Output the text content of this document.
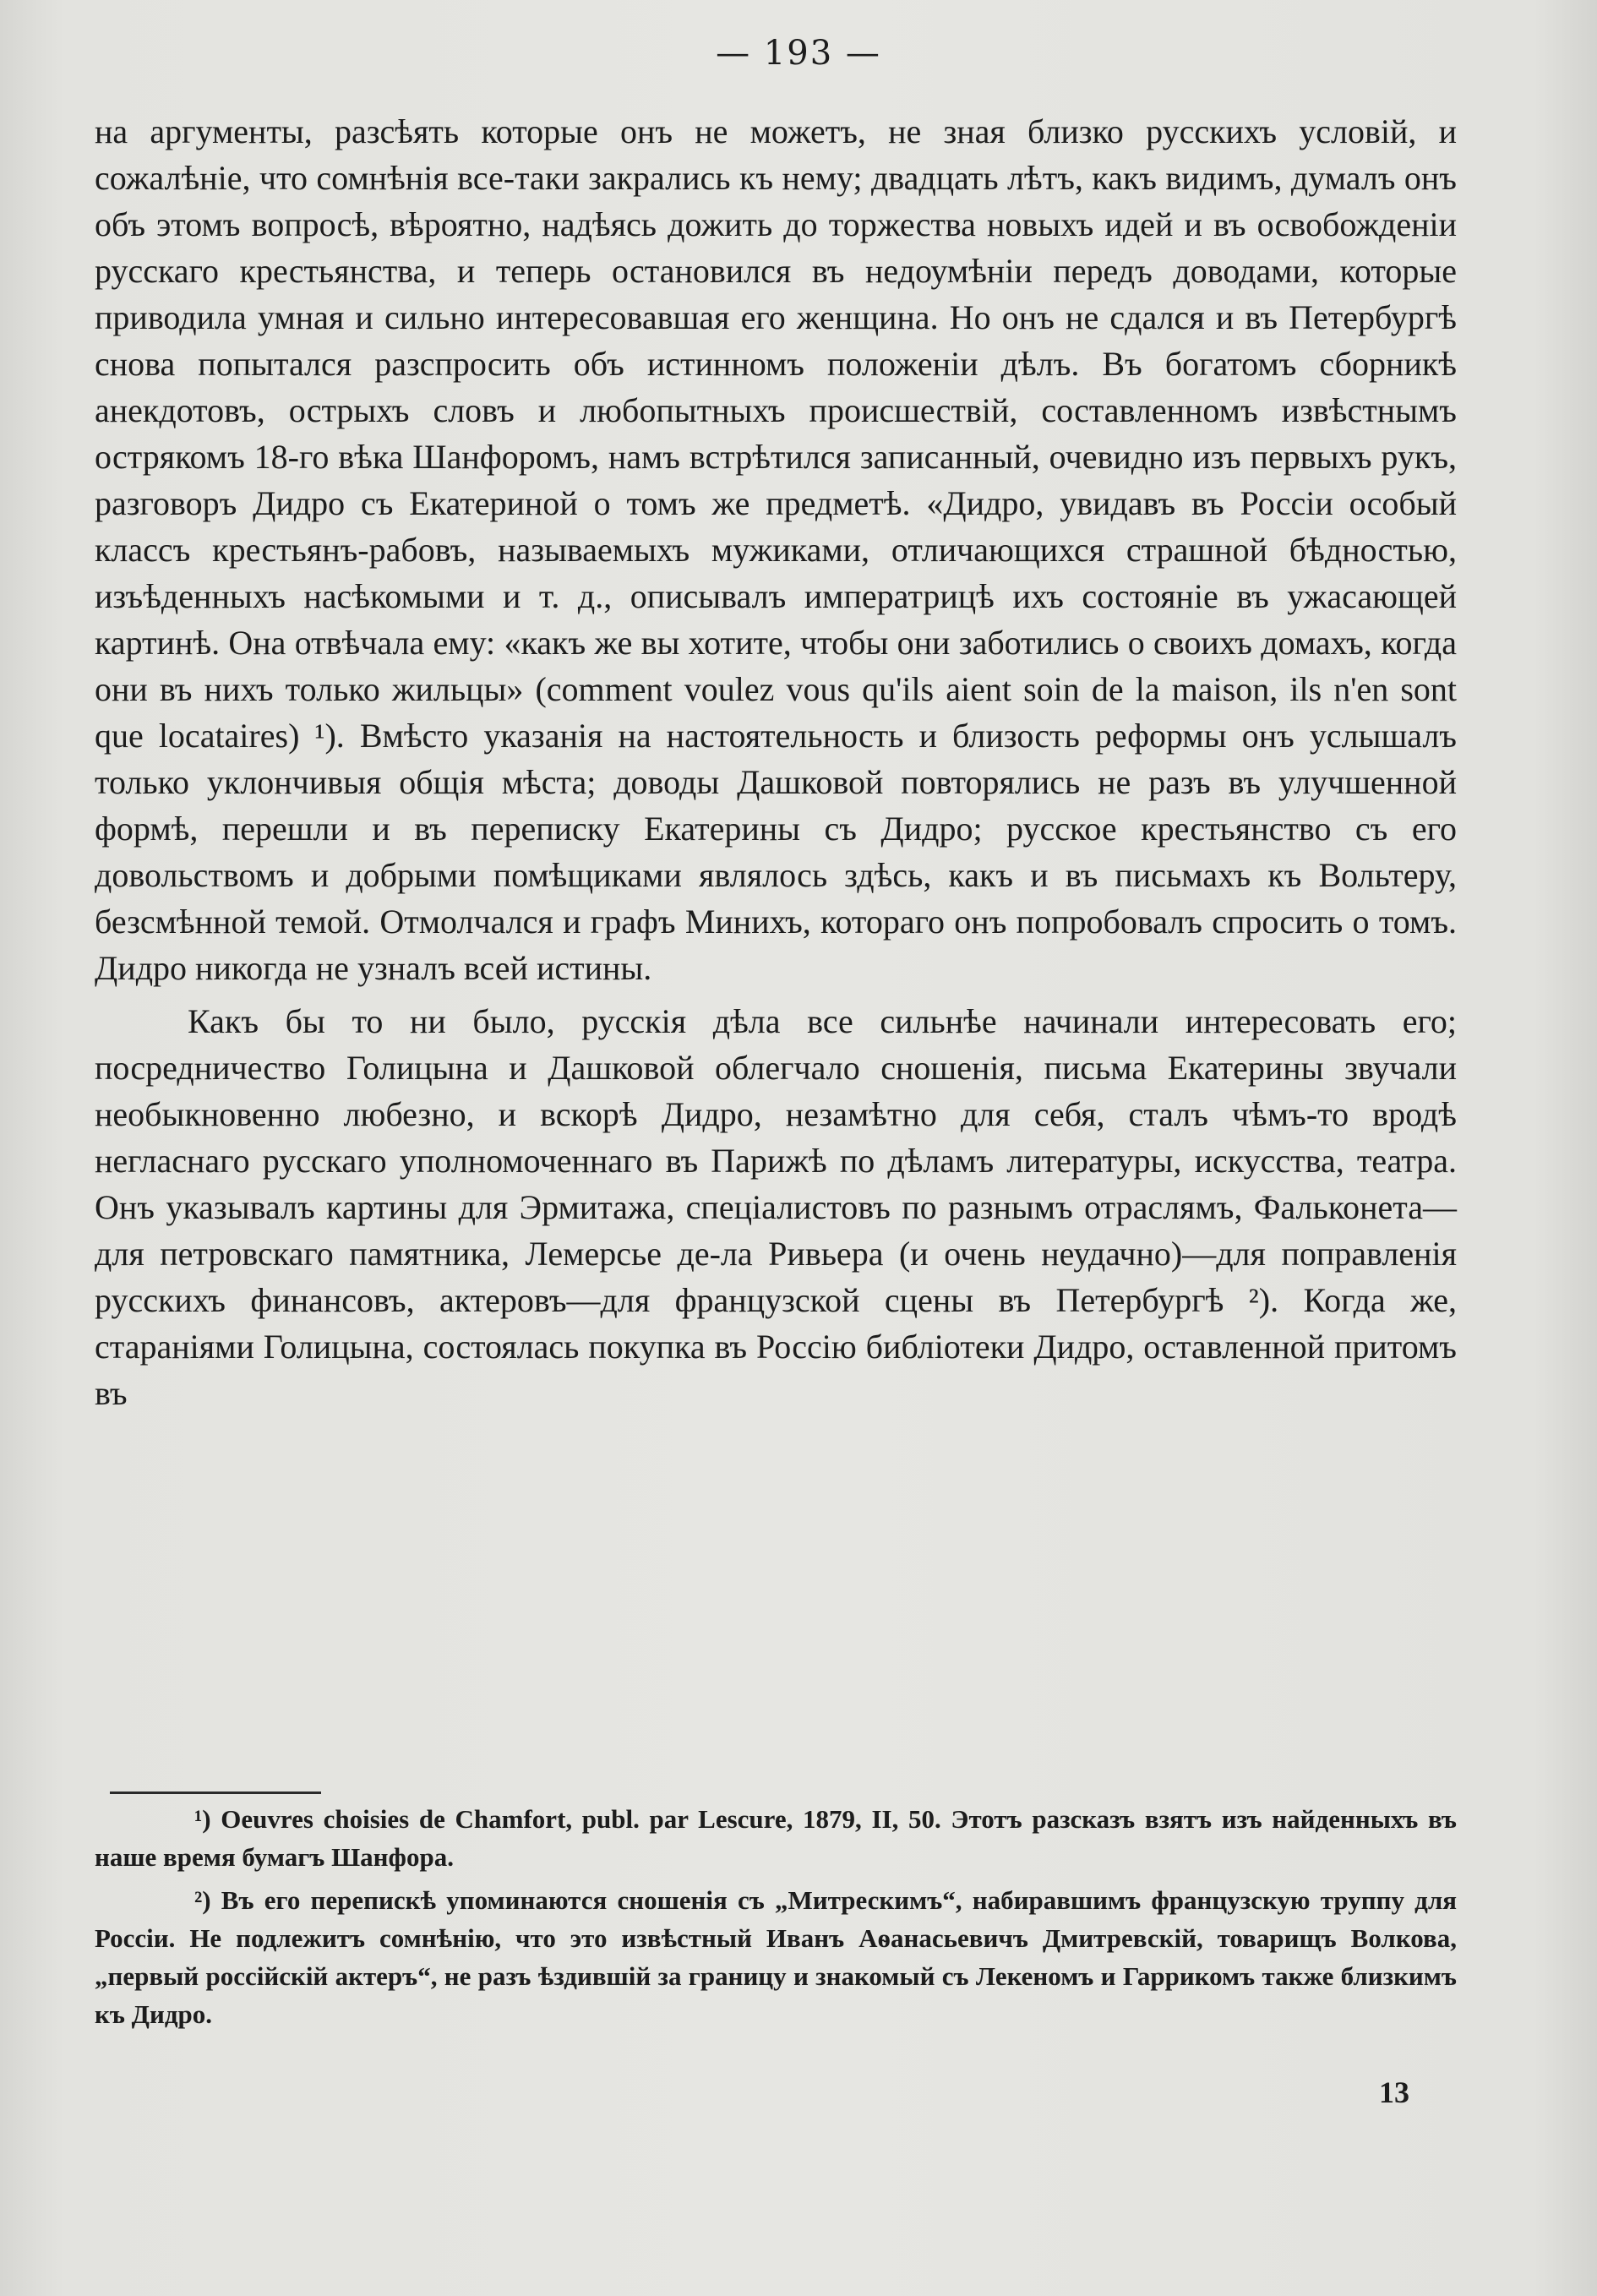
— 193 —

на аргументы, разсѣять которые онъ не можетъ, не зная близко русскихъ условій, и сожалѣніе, что сомнѣнія все-таки закрались къ нему; двадцать лѣтъ, какъ видимъ, думалъ онъ объ этомъ вопросѣ, вѣроятно, надѣясь дожить до торжества новыхъ идей и въ освобожденіи русскаго крестьянства, и теперь остановился въ недоумѣніи передъ доводами, которые приводила умная и сильно интересовавшая его женщина. Но онъ не сдался и въ Петербургѣ снова попытался разспросить объ истинномъ положеніи дѣлъ. Въ богатомъ сборникѣ анекдотовъ, острыхъ словъ и любопытныхъ происшествій, составленномъ извѣстнымъ острякомъ 18-го вѣка Шанфоромъ, намъ встрѣтился записанный, очевидно изъ первыхъ рукъ, разговоръ Дидро съ Екатериной о томъ же предметѣ. «Дидро, увидавъ въ Россіи особый классъ крестьянъ-рабовъ, называемыхъ мужиками, отличающихся страшной бѣдностью, изъѣденныхъ насѣкомыми и т. д., описывалъ императрицѣ ихъ состояніе въ ужасающей картинѣ. Она отвѣчала ему: «какъ же вы хотите, чтобы они заботились о своихъ домахъ, когда они въ нихъ только жильцы» (comment voulez vous qu'ils aient soin de la maison, ils n'en sont que locataires) ¹). Вмѣсто указанія на настоятельность и близость реформы онъ услышалъ только уклончивыя общія мѣста; доводы Дашковой повторялись не разъ въ улучшенной формѣ, перешли и въ переписку Екатерины съ Дидро; русское крестьянство съ его довольствомъ и добрыми помѣщиками являлось здѣсь, какъ и въ письмахъ къ Вольтеру, безсмѣнной темой. Отмолчался и графъ Минихъ, котораго онъ попробовалъ спросить о томъ. Дидро никогда не узналъ всей истины.

Какъ бы то ни было, русскія дѣла все сильнѣе начинали интересовать его; посредничество Голицына и Дашковой облегчало сношенія, письма Екатерины звучали необыкновенно любезно, и вскорѣ Дидро, незамѣтно для себя, сталъ чѣмъ-то вродѣ негласнаго русскаго уполномоченнаго въ Парижѣ по дѣламъ литературы, искусства, театра. Онъ указывалъ картины для Эрмитажа, спеціалистовъ по разнымъ отраслямъ, Фальконета—для петровскаго памятника, Лемерсье де-ла Ривьера (и очень неудачно)—для поправленія русскихъ финансовъ, актеровъ—для французской сцены въ Петербургѣ ²). Когда же, стараніями Голицына, состоялась покупка въ Россію библіотеки Дидро, оставленной притомъ въ

¹) Oeuvres choisies de Chamfort, publ. par Lescure, 1879, II, 50. Этотъ разсказъ взятъ изъ найденныхъ въ наше время бумагъ Шанфора.

²) Въ его перепискѣ упоминаются сношенія съ „Митрескимъ“, набиравшимъ французскую труппу для Россіи. Не подлежитъ сомнѣнію, что это извѣстный Иванъ Аѳанасьевичъ Дмитревскій, товарищъ Волкова, „первый россійскій актеръ“, не разъ ѣздившій за границу и знакомый съ Лекеномъ и Гаррикомъ также близкимъ къ Дидро.

13
